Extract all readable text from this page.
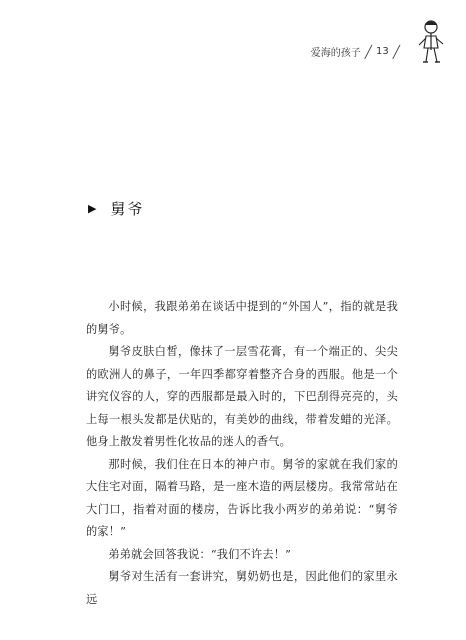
爱海的孩子 ╱ 13 ╱
▶ 舅爷

小时候，我跟弟弟在谈话中提到的“外国人”，指的就是我的舅爷。

舅爷皮肤白皙，像抹了一层雪花膏，有一个端正的、尖尖的欧洲人的鼻子，一年四季都穿着整齐合身的西服。他是一个讲究仪容的人，穿的西服都是最入时的，下巴刮得亮亮的，头上每一根头发都是伏贴的，有美妙的曲线，带着发蜡的光泽。他身上散发着男性化妆品的迷人的香气。

那时候，我们住在日本的神户市。舅爷的家就在我们家的大住宅对面，隔着马路，是一座木造的两层楼房。我常常站在大门口，指着对面的楼房，告诉比我小两岁的弟弟说：“舅爷的家！”

弟弟就会回答我说：“我们不许去！”

舅爷对生活有一套讲究，舅奶奶也是，因此他们的家里永远
